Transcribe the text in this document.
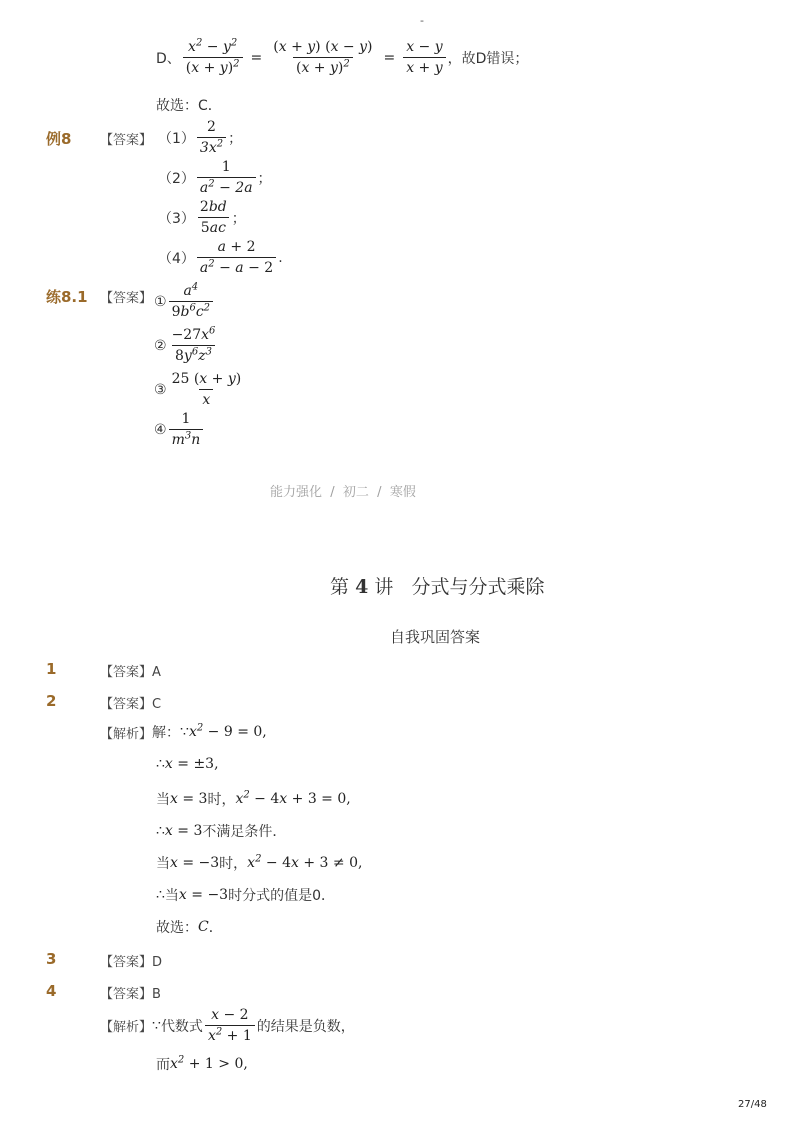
-
D、 $\frac{x^2 - y^2}{(x + y)^2} = \frac{(x + y) (x - y)}{(x + y)^2} = \frac{x - y}{x + y}$ ，故D错误；
故选：C．
例8 【答案】 $(1) \frac{2}{3x^2}$ ；
$(2) \frac{1}{a^2 - 2a}$ ；
$(3) \frac{2bd}{5ac}$ ；
$(4) \frac{a + 2}{a^2 - a - 2}$ .
练8.1 【答案】 ① $\frac{a^4}{9b^6c^2}$
② $\frac{-27x^6}{8y^6z^3}$
③ $\frac{25 (x + y)}{x}$
④ $\frac{1}{m^3n}$
能力强化  /  初二  /  寒假
第 4 讲   分式与分式乘除
自我巩固答案
1	【答案】A
2	【答案】C
【解析】 解： ∵ $x^2 - 9 = 0$,
∴ x = ±3,
当 x = 3 时， $x^2 - 4x + 3 = 0$,
∴ x = 3 不满足条件．
当 x = −3 时， $x^2 - 4x + 3 \ne 0$,
∴ 当 x = −3 时分式的值是0．
故选： C ．
3	【答案】D
4	【答案】B
【解析】 ∵ 代数式 $\frac{x - 2}{x^2 + 1}$ 的结果是负数，
而 $x^2 + 1 > 0$,
27/48
